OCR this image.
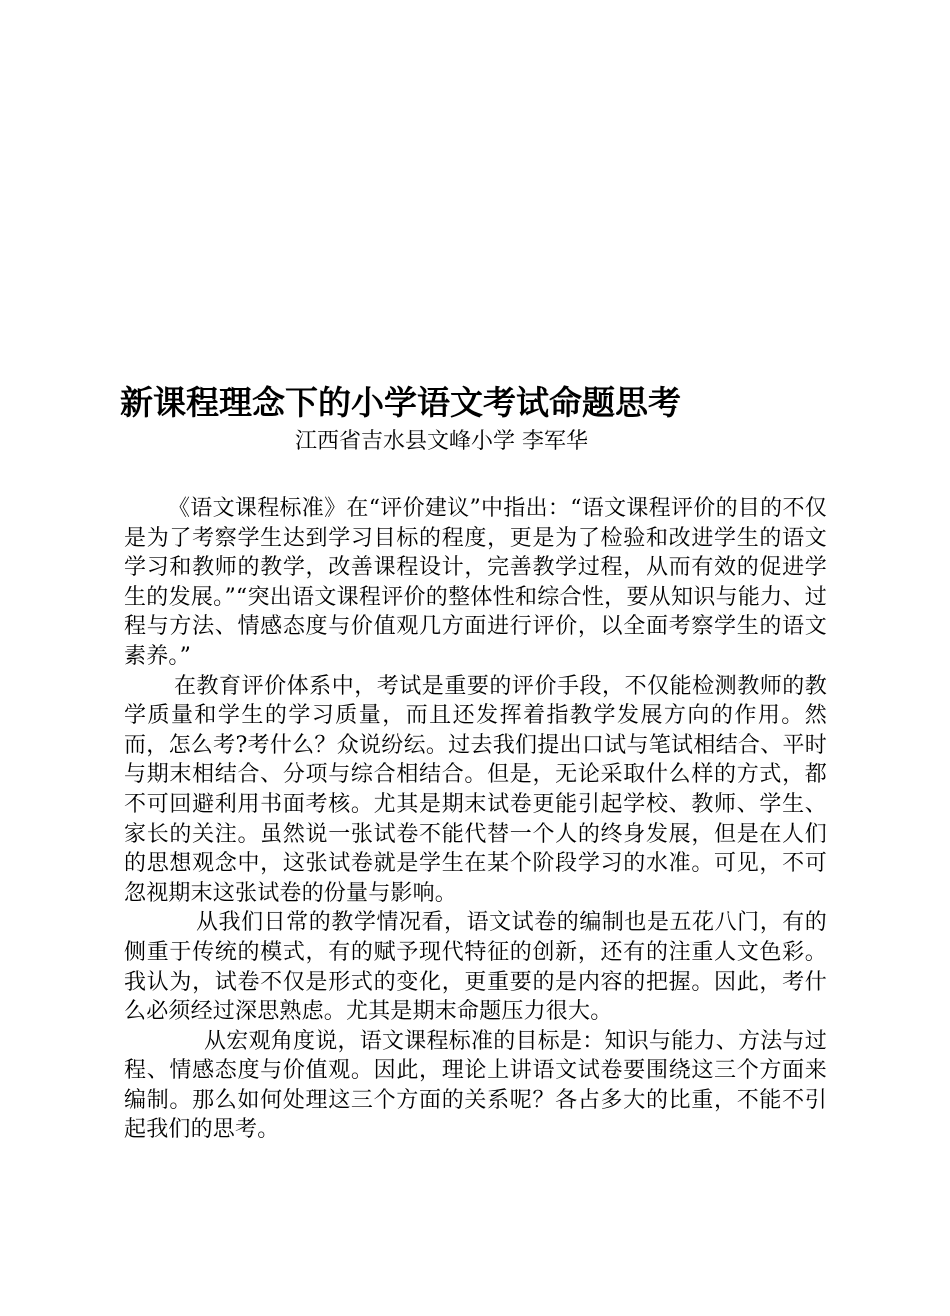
新课程理念下的小学语文考试命题思考

江西省吉水县文峰小学 李军华

《语文课程标准》在“评价建议”中指出：“语文课程评价的目的不仅是为了考察学生达到学习目标的程度，更是为了检验和改进学生的语文学习和教师的教学，改善课程设计，完善教学过程，从而有效的促进学生的发展。”“突出语文课程评价的整体性和综合性，要从知识与能力、过程与方法、情感态度与价值观几方面进行评价，以全面考察学生的语文素养。”

在教育评价体系中，考试是重要的评价手段，不仅能检测教师的教学质量和学生的学习质量，而且还发挥着指教学发展方向的作用。然而，怎么考?考什么？众说纷纭。过去我们提出口试与笔试相结合、平时与期末相结合、分项与综合相结合。但是，无论采取什么样的方式，都不可回避利用书面考核。尤其是期末试卷更能引起学校、教师、学生、家长的关注。虽然说一张试卷不能代替一个人的终身发展，但是在人们的思想观念中，这张试卷就是学生在某个阶段学习的水准。可见，不可忽视期末这张试卷的份量与影响。

从我们日常的教学情况看，语文试卷的编制也是五花八门，有的侧重于传统的模式，有的赋予现代特征的创新，还有的注重人文色彩。我认为，试卷不仅是形式的变化，更重要的是内容的把握。因此，考什么必须经过深思熟虑。尤其是期末命题压力很大。

从宏观角度说，语文课程标准的目标是：知识与能力、方法与过程、情感态度与价值观。因此，理论上讲语文试卷要围绕这三个方面来编制。那么如何处理这三个方面的关系呢？各占多大的比重，不能不引起我们的思考。
